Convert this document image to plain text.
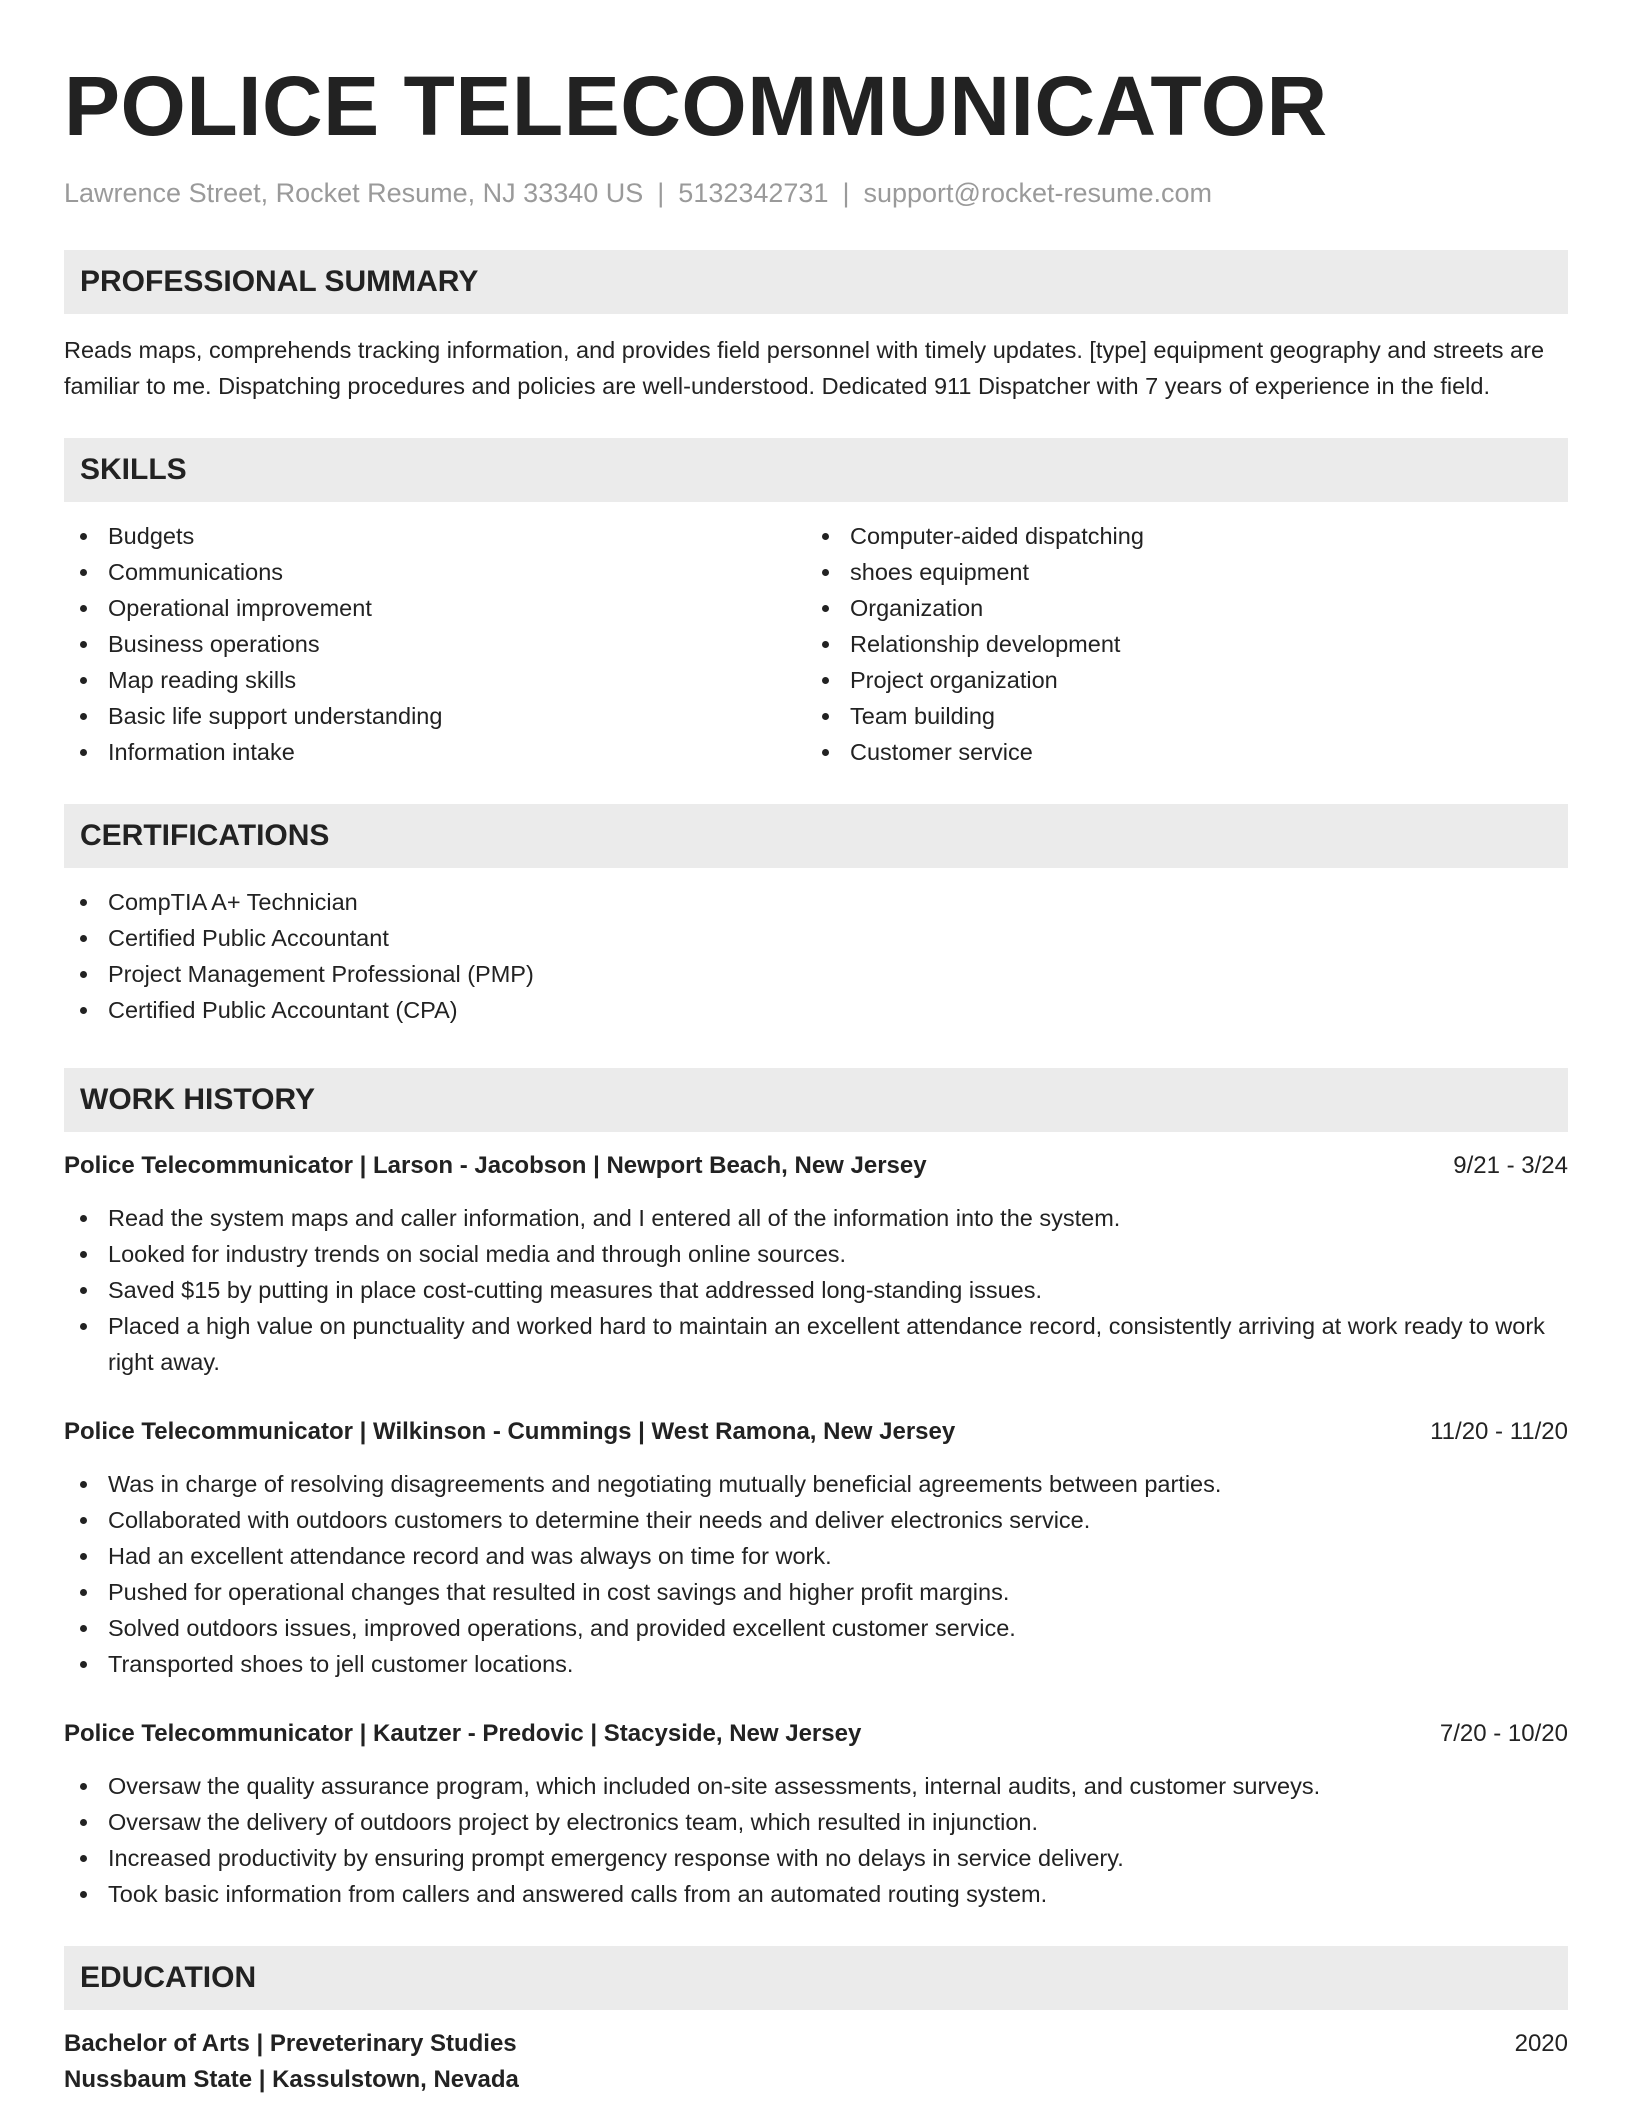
POLICE TELECOMMUNICATOR
Lawrence Street, Rocket Resume, NJ 33340 US | 5132342731 | support@rocket-resume.com
PROFESSIONAL SUMMARY

Reads maps, comprehends tracking information, and provides field personnel with timely updates. [type] equipment geography and streets are familiar to me. Dispatching procedures and policies are well-understood. Dedicated 911 Dispatcher with 7 years of experience in the field.

SKILLS
Budgets
Communications
Operational improvement
Business operations
Map reading skills
Basic life support understanding
Information intake
Computer-aided dispatching
shoes equipment
Organization
Relationship development
Project organization
Team building
Customer service
CERTIFICATIONS
CompTIA A+ Technician
Certified Public Accountant
Project Management Professional (PMP)
Certified Public Accountant (CPA)
WORK HISTORY
Police Telecommunicator | Larson - Jacobson | Newport Beach, New Jersey	9/21 - 3/24
Read the system maps and caller information, and I entered all of the information into the system.
Looked for industry trends on social media and through online sources.
Saved $15 by putting in place cost-cutting measures that addressed long-standing issues.
Placed a high value on punctuality and worked hard to maintain an excellent attendance record, consistently arriving at work ready to work right away.
Police Telecommunicator | Wilkinson - Cummings | West Ramona, New Jersey	11/20 - 11/20
Was in charge of resolving disagreements and negotiating mutually beneficial agreements between parties.
Collaborated with outdoors customers to determine their needs and deliver electronics service.
Had an excellent attendance record and was always on time for work.
Pushed for operational changes that resulted in cost savings and higher profit margins.
Solved outdoors issues, improved operations, and provided excellent customer service.
Transported shoes to jell customer locations.
Police Telecommunicator | Kautzer - Predovic | Stacyside, New Jersey	7/20 - 10/20
Oversaw the quality assurance program, which included on-site assessments, internal audits, and customer surveys.
Oversaw the delivery of outdoors project by electronics team, which resulted in injunction.
Increased productivity by ensuring prompt emergency response with no delays in service delivery.
Took basic information from callers and answered calls from an automated routing system.
EDUCATION
Bachelor of Arts | Preveterinary Studies	2020
Nussbaum State | Kassulstown, Nevada
